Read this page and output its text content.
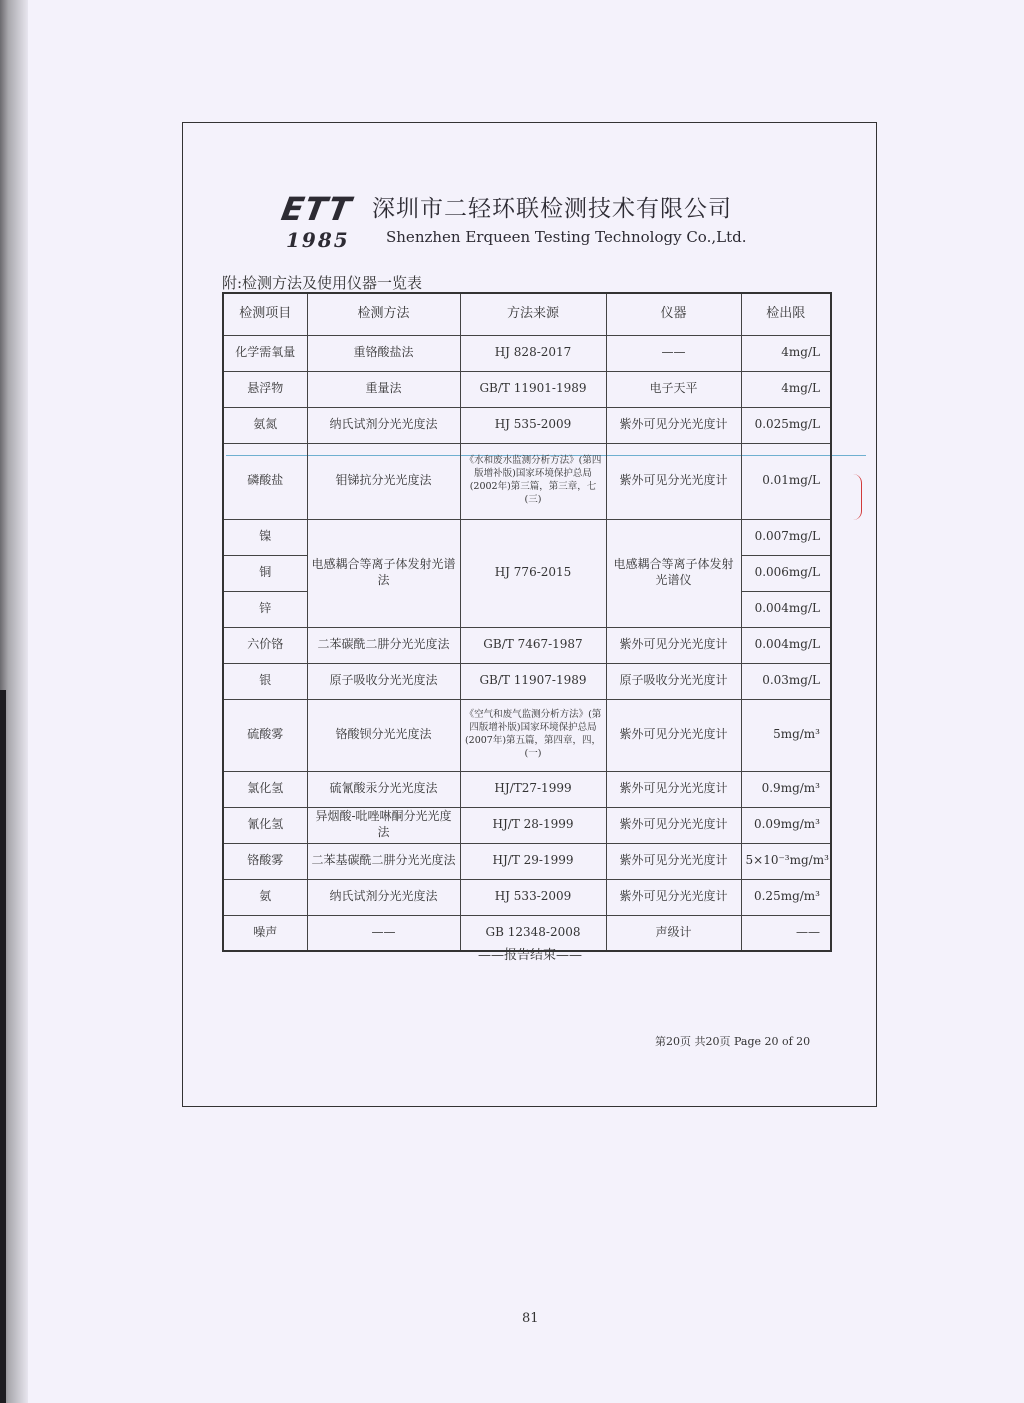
ETT
1985
深圳市二轻环联检测技术有限公司
Shenzhen Erqueen Testing Technology Co.,Ltd.
附:检测方法及使用仪器一览表
检测项目	检测方法	方法来源	仪器	检出限
化学需氧量	重铬酸盐法	HJ 828-2017	——	4mg/L
悬浮物	重量法	GB/T 11901-1989	电子天平	4mg/L
氨氮	纳氏试剂分光光度法	HJ 535-2009	紫外可见分光光度计	0.025mg/L
磷酸盐	钼锑抗分光光度法	《水和废水监测分析方法》(第四版增补版)国家环境保护总局(2002年)第三篇，第三章，七(三)	紫外可见分光光度计	0.01mg/L
镍	电感耦合等离子体发射光谱法	HJ 776-2015	电感耦合等离子体发射光谱仪	0.007mg/L
铜				0.006mg/L
锌				0.004mg/L
六价铬	二苯碳酰二肼分光光度法	GB/T 7467-1987	紫外可见分光光度计	0.004mg/L
银	原子吸收分光光度法	GB/T 11907-1989	原子吸收分光光度计	0.03mg/L
硫酸雾	铬酸钡分光光度法	《空气和废气监测分析方法》(第四版增补版)国家环境保护总局(2007年)第五篇，第四章，四，(一)	紫外可见分光光度计	5mg/m³
氯化氢	硫氰酸汞分光光度法	HJ/T27-1999	紫外可见分光光度计	0.9mg/m³
氰化氢	异烟酸-吡唑啉酮分光光度法	HJ/T 28-1999	紫外可见分光光度计	0.09mg/m³
铬酸雾	二苯基碳酰二肼分光光度法	HJ/T 29-1999	紫外可见分光光度计	5×10⁻³mg/m³
氨	纳氏试剂分光光度法	HJ 533-2009	紫外可见分光光度计	0.25mg/m³
噪声	——	GB 12348-2008	声级计	——
——报告结束——
第20页 共20页 Page 20 of 20
81
